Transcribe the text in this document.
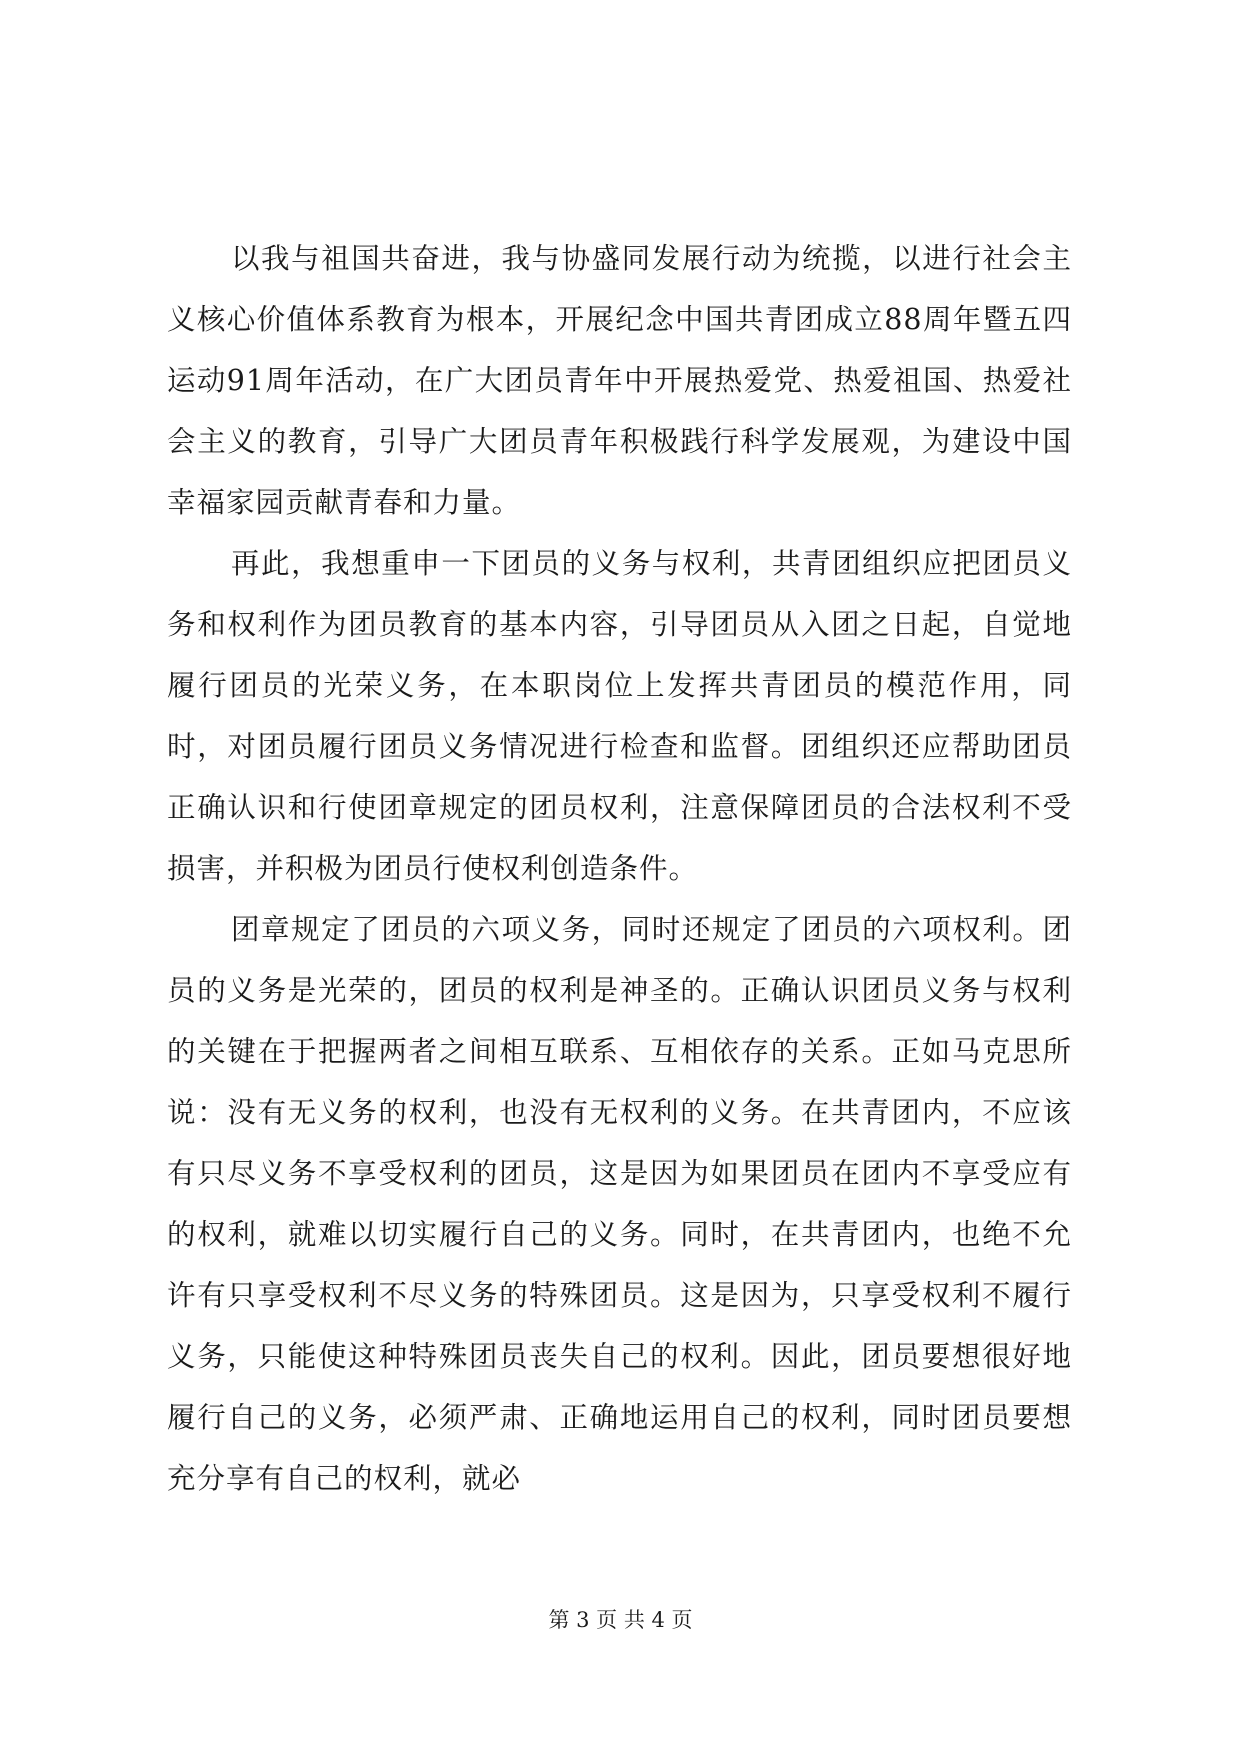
以我与祖国共奋进，我与协盛同发展行动为统揽，以进行社会主义核心价值体系教育为根本，开展纪念中国共青团成立88周年暨五四运动91周年活动，在广大团员青年中开展热爱党、热爱祖国、热爱社会主义的教育，引导广大团员青年积极践行科学发展观，为建设中国幸福家园贡献青春和力量。

再此，我想重申一下团员的义务与权利，共青团组织应把团员义务和权利作为团员教育的基本内容，引导团员从入团之日起，自觉地履行团员的光荣义务，在本职岗位上发挥共青团员的模范作用，同时，对团员履行团员义务情况进行检查和监督。团组织还应帮助团员正确认识和行使团章规定的团员权利，注意保障团员的合法权利不受损害，并积极为团员行使权利创造条件。

团章规定了团员的六项义务，同时还规定了团员的六项权利。团员的义务是光荣的，团员的权利是神圣的。正确认识团员义务与权利的关键在于把握两者之间相互联系、互相依存的关系。正如马克思所说：没有无义务的权利，也没有无权利的义务。在共青团内，不应该有只尽义务不享受权利的团员，这是因为如果团员在团内不享受应有的权利，就难以切实履行自己的义务。同时，在共青团内，也绝不允许有只享受权利不尽义务的特殊团员。这是因为，只享受权利不履行义务，只能使这种特殊团员丧失自己的权利。因此，团员要想很好地履行自己的义务，必须严肃、正确地运用自己的权利，同时团员要想充分享有自己的权利，就必

第 3 页 共 4 页
